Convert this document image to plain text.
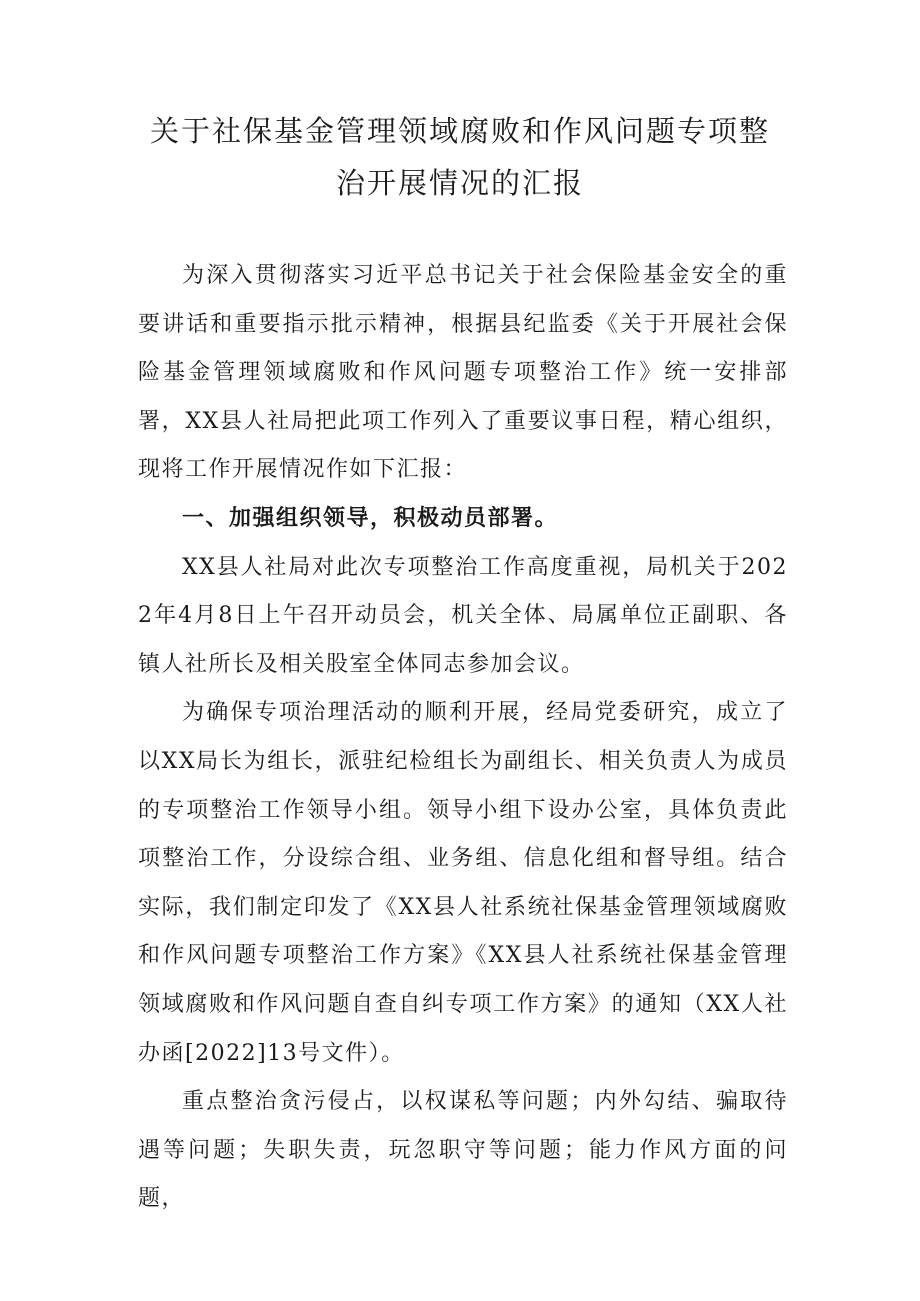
关于社保基金管理领域腐败和作风问题专项整
治开展情况的汇报

为深入贯彻落实习近平总书记关于社会保险基金安全的重要讲话和重要指示批示精神，根据县纪监委《关于开展社会保险基金管理领域腐败和作风问题专项整治工作》统一安排部署，XX县人社局把此项工作列入了重要议事日程，精心组织，现将工作开展情况作如下汇报：

一、加强组织领导，积极动员部署。

XX县人社局对此次专项整治工作高度重视，局机关于2022年4月8日上午召开动员会，机关全体、局属单位正副职、各镇人社所长及相关股室全体同志参加会议。

为确保专项治理活动的顺利开展，经局党委研究，成立了以XX局长为组长，派驻纪检组长为副组长、相关负责人为成员的专项整治工作领导小组。领导小组下设办公室，具体负责此项整治工作，分设综合组、业务组、信息化组和督导组。结合实际，我们制定印发了《XX县人社系统社保基金管理领域腐败和作风问题专项整治工作方案》《XX县人社系统社保基金管理领域腐败和作风问题自查自纠专项工作方案》的通知（XX人社办函[2022]13号文件）。

重点整治贪污侵占，以权谋私等问题；内外勾结、骗取待遇等问题；失职失责，玩忽职守等问题；能力作风方面的问题，
